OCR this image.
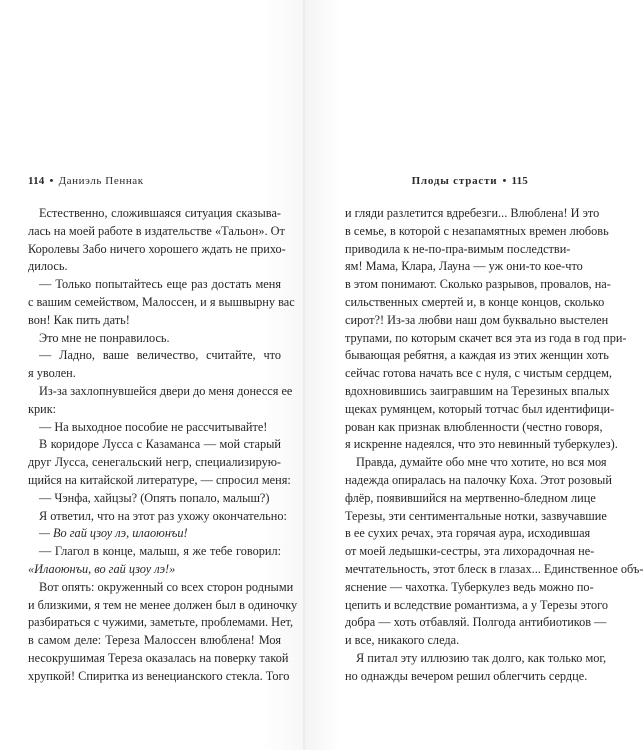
114 • Даниэль Пеннак
Естественно, сложившаяся ситуация сказыва-
лась на моей работе в издательстве «Тальон». От
Королевы Забо ничего хорошего ждать не прихо-
дилось.
— Только попытайтесь еще раз достать меня
с вашим семейством, Малоссен, и я вышвырну вас
вон! Как пить дать!
Это мне не понравилось.
— Ладно, ваше величество, считайте, что
я уволен.
Из-за захлопнувшейся двери до меня донесся ее
крик:
— На выходное пособие не рассчитывайте!
В коридоре Лусса с Казаманса — мой старый
друг Лусса, сенегальский негр, специализирую-
щийся на китайской литературе, — спросил меня:
— Чэнфа, хайцзы? (Опять попало, малыш?)
Я ответил, что на этот раз ухожу окончательно:
— Во гай цзоу лэ, илаоюнъи!
— Глагол в конце, малыш, я же тебе говорил:
«Илаоюнъи, во гай цзоу лэ!»
Вот опять: окруженный со всех сторон родными
и близкими, я тем не менее должен был в одиночку
разбираться с чужими, заметьте, проблемами. Нет,
в самом деле: Тереза Малоссен влюблена! Моя
несокрушимая Тереза оказалась на поверку такой
хрупкой! Спиритка из венецианского стекла. Того
Плоды страсти • 115
и гляди разлетится вдребезги... Влюблена! И это
в семье, в которой с незапамятных времен любовь
приводила к не-по-пра-вимым последстви-
ям! Мама, Клара, Лауна — уж они-то кое-что
в этом понимают. Сколько разрывов, провалов, на-
сильственных смертей и, в конце концов, сколько
сирот?! Из-за любви наш дом буквально выстелен
трупами, по которым скачет вся эта из года в год при-
бывающая ребятня, а каждая из этих женщин хоть
сейчас готова начать все с нуля, с чистым сердцем,
вдохновившись заигравшим на Терезиных впалых
щеках румянцем, который тотчас был идентифици-
рован как признак влюбленности (честно говоря,
я искренне надеялся, что это невинный туберкулез).
Правда, думайте обо мне что хотите, но вся моя
надежда опиралась на палочку Коха. Этот розовый
флёр, появившийся на мертвенно-бледном лице
Терезы, эти сентиментальные нотки, зазвучавшие
в ее сухих речах, эта горячая аура, исходившая
от моей ледышки-сестры, эта лихорадочная не-
мечтательность, этот блеск в глазах... Единственное объ-
яснение — чахотка. Туберкулез ведь можно по-
цепить и вследствие романтизма, а у Терезы этого
добра — хоть отбавляй. Полгода антибиотиков —
и все, никакого следа.
Я питал эту иллюзию так долго, как только мог,
но однажды вечером решил облегчить сердце.
